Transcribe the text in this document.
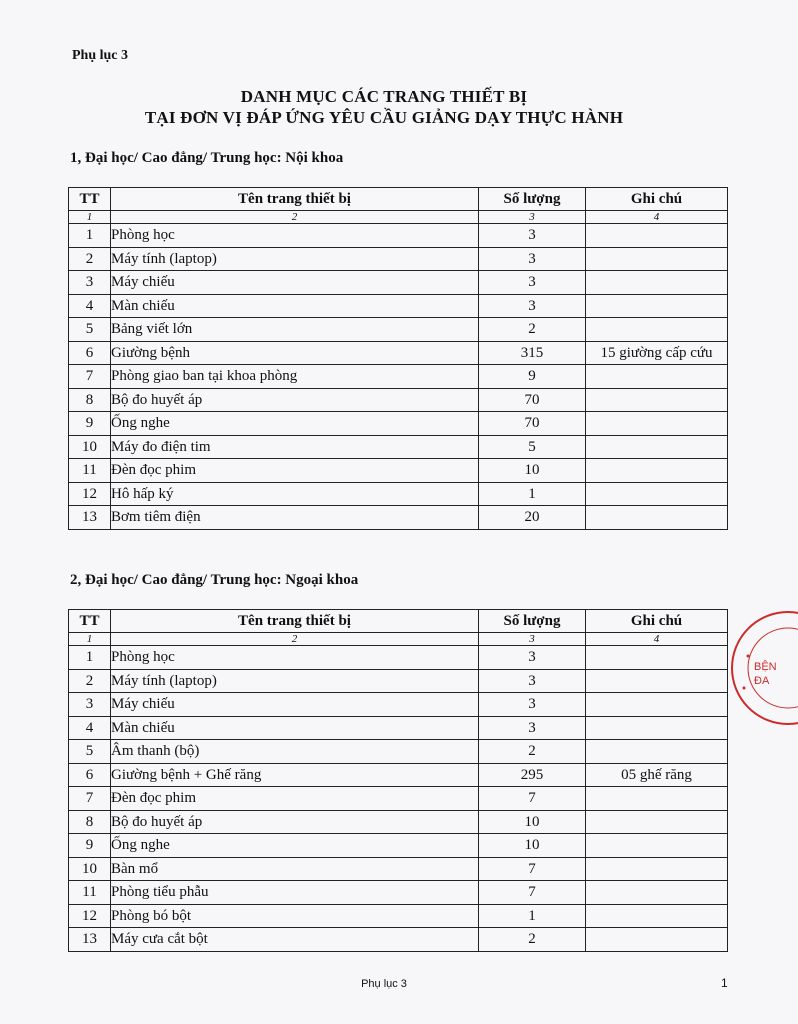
Phụ lục 3
DANH MỤC CÁC TRANG THIẾT BỊ
TẠI ĐƠN VỊ ĐÁP ỨNG YÊU CẦU GIẢNG DẠY THỰC HÀNH
1, Đại học/ Cao đẳng/ Trung học: Nội khoa
TT	Tên trang thiết bị	Số lượng	Ghi chú
1	2	3	4
1	Phòng học	3	
2	Máy tính (laptop)	3	
3	Máy chiếu	3	
4	Màn chiếu	3	
5	Bảng viết lớn	2	
6	Giường bệnh	315	15 giường cấp cứu
7	Phòng giao ban tại khoa phòng	9	
8	Bộ đo huyết áp	70	
9	Ống nghe	70	
10	Máy đo điện tim	5	
11	Đèn đọc phim	10	
12	Hô hấp ký	1	
13	Bơm tiêm điện	20	
2, Đại học/ Cao đẳng/ Trung học: Ngoại khoa
TT	Tên trang thiết bị	Số lượng	Ghi chú
1	2	3	4
1	Phòng học	3	
2	Máy tính (laptop)	3	
3	Máy chiếu	3	
4	Màn chiếu	3	
5	Âm thanh (bộ)	2	
6	Giường bệnh + Ghế răng	295	05 ghế răng
7	Đèn đọc phim	7	
8	Bộ đo huyết áp	10	
9	Ống nghe	10	
10	Bàn mổ	7	
11	Phòng tiểu phẫu	7	
12	Phòng bó bột	1	
13	Máy cưa cắt bột	2	
BỆN
ĐA
Phụ lục 3	1
